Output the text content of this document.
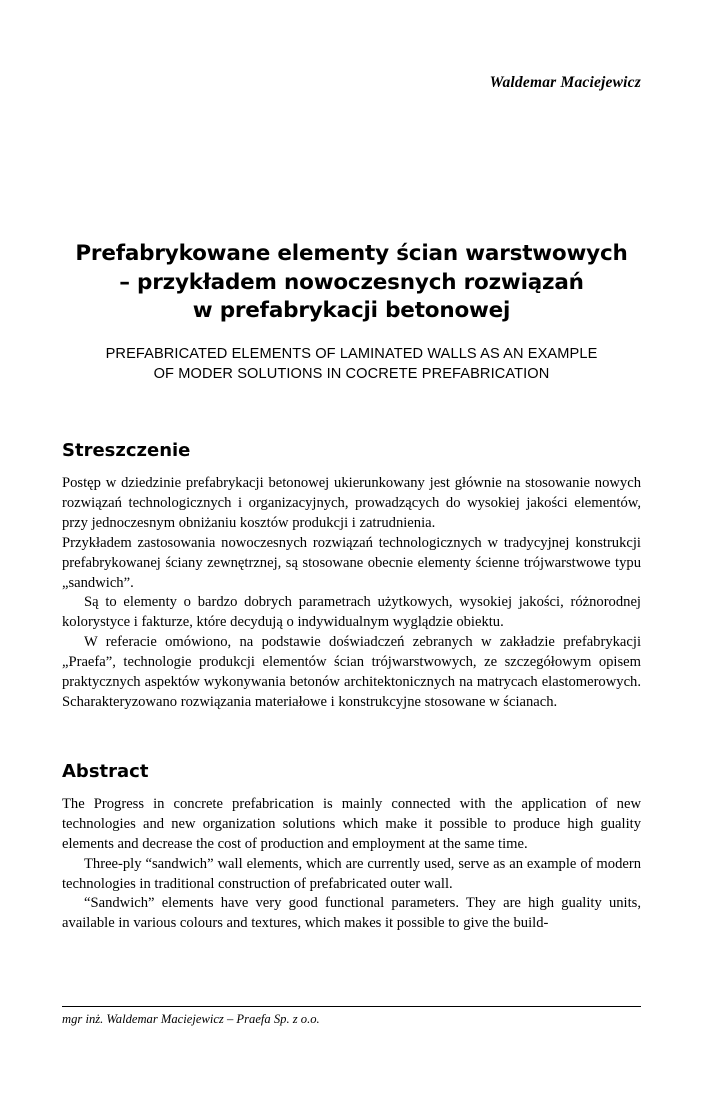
Waldemar Maciejewicz
Prefabrykowane elementy ścian warstwowych
– przykładem nowoczesnych rozwiązań
w prefabrykacji betonowej
PREFABRICATED ELEMENTS OF LAMINATED WALLS AS AN EXAMPLE
OF MODER SOLUTIONS IN COCRETE PREFABRICATION
Streszczenie

Postęp w dziedzinie prefabrykacji betonowej ukierunkowany jest głównie na stosowanie nowych rozwiązań technologicznych i organizacyjnych, prowadzących do wysokiej jakości elementów, przy jednoczesnym obniżaniu kosztów produkcji i zatrudnienia.

Przykładem zastosowania nowoczesnych rozwiązań technologicznych w tradycyjnej konstrukcji prefabrykowanej ściany zewnętrznej, są stosowane obecnie elementy ścienne trójwarstwowe typu „sandwich”.

Są to elementy o bardzo dobrych parametrach użytkowych, wysokiej jakości, różnorodnej kolorystyce i fakturze, które decydują o indywidualnym wyglądzie obiektu.

W referacie omówiono, na podstawie doświadczeń zebranych w zakładzie prefabrykacji „Praefa”, technologie produkcji elementów ścian trójwarstwowych, ze szczegółowym opisem praktycznych aspektów wykonywania betonów architektonicznych na matrycach elastomerowych. Scharakteryzowano rozwiązania materiałowe i konstrukcyjne stosowane w ścianach.

Abstract

The Progress in concrete prefabrication is mainly connected with the application of new technologies and new organization solutions which make it possible to produce high guality elements and decrease the cost of production and employment at the same time.

Three-ply “sandwich” wall elements, which are currently used, serve as an example of modern technologies in traditional construction of prefabricated outer wall.

“Sandwich” elements have very good functional parameters. They are high guality units, available in various colours and textures, which makes it possible to give the build-

mgr inż. Waldemar Maciejewicz – Praefa Sp. z o.o.
